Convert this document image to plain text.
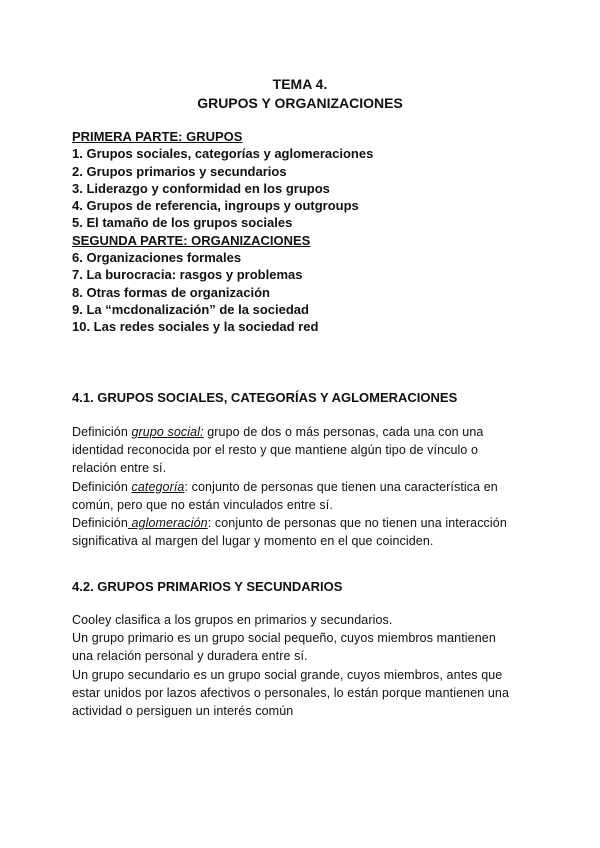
TEMA 4.
GRUPOS Y ORGANIZACIONES
PRIMERA PARTE: GRUPOS
1. Grupos sociales, categorías y aglomeraciones
2. Grupos primarios y secundarios
3. Liderazgo y conformidad en los grupos
4. Grupos de referencia, ingroups y outgroups
5. El tamaño de los grupos sociales
SEGUNDA PARTE: ORGANIZACIONES
6. Organizaciones formales
7. La burocracia: rasgos y problemas
8. Otras formas de organización
9. La “mcdonalización” de la sociedad
10. Las redes sociales y la sociedad red
4.1. GRUPOS SOCIALES, CATEGORÍAS Y AGLOMERACIONES
Definición grupo social: grupo de dos o más personas, cada una con una
identidad reconocida por el resto y que mantiene algún tipo de vínculo o
relación entre sí.
Definición categoría: conjunto de personas que tienen una característica en
común, pero que no están vinculados entre sí.
Definición aglomeración: conjunto de personas que no tienen una interacción
significativa al margen del lugar y momento en el que coinciden.
4.2. GRUPOS PRIMARIOS Y SECUNDARIOS
Cooley clasifica a los grupos en primarios y secundarios.
Un grupo primario es un grupo social pequeño, cuyos miembros mantienen
una relación personal y duradera entre sí.
Un grupo secundario es un grupo social grande, cuyos miembros, antes que
estar unidos por lazos afectivos o personales, lo están porque mantienen una
actividad o persiguen un interés común
